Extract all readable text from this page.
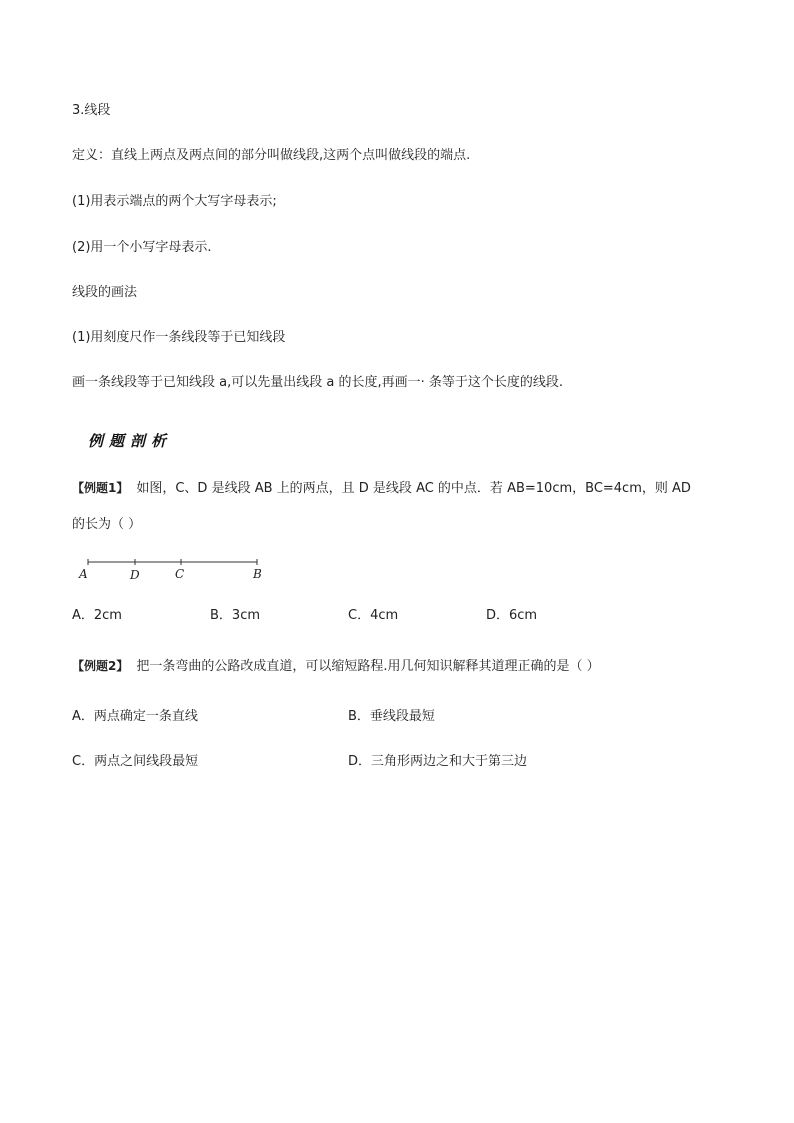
3.线段
定义：直线上两点及两点间的部分叫做线段,这两个点叫做线段的端点.
(1)用表示端点的两个大写字母表示;
(2)用一个小写字母表示.
线段的画法
(1)用刻度尺作一条线段等于已知线段
画一条线段等于已知线段 a,可以先量出线段 a 的长度,再画一· 条等于这个长度的线段.
例题剖析
【例题1】 如图，C、D 是线段 AB 上的两点，且 D 是线段 AC 的中点．若 AB=10cm，BC=4cm，则 AD
的长为（ ）
A	D	C	B
A．2cm	B．3cm	C．4cm	D．6cm
【例题2】 把一条弯曲的公路改成直道，可以缩短路程.用几何知识解释其道理正确的是（ ）
A．两点确定一条直线	B．垂线段最短
C．两点之间线段最短	D．三角形两边之和大于第三边
